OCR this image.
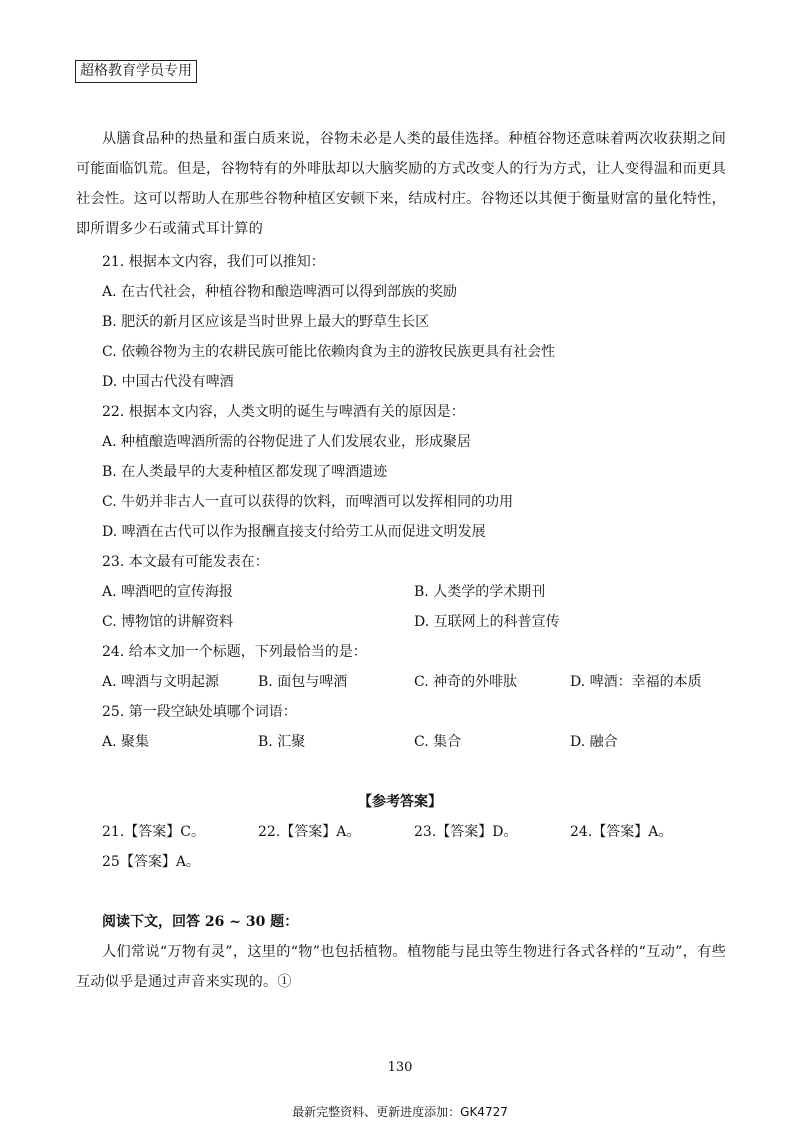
超格教育学员专用
从膳食品种的热量和蛋白质来说，谷物未必是人类的最佳选择。种植谷物还意味着两次收获期之间可能面临饥荒。但是，谷物特有的外啡肽却以大脑奖励的方式改变人的行为方式，让人变得温和而更具社会性。这可以帮助人在那些谷物种植区安顿下来，结成村庄。谷物还以其便于衡量财富的量化特性，即所谓多少石或蒲式耳计算的
21. 根据本文内容，我们可以推知：
A. 在古代社会，种植谷物和酿造啤酒可以得到部族的奖励
B. 肥沃的新月区应该是当时世界上最大的野草生长区
C. 依赖谷物为主的农耕民族可能比依赖肉食为主的游牧民族更具有社会性
D. 中国古代没有啤酒
22. 根据本文内容，人类文明的诞生与啤酒有关的原因是：
A. 种植酿造啤酒所需的谷物促进了人们发展农业，形成聚居
B. 在人类最早的大麦种植区都发现了啤酒遗迹
C. 牛奶并非古人一直可以获得的饮料，而啤酒可以发挥相同的功用
D. 啤酒在古代可以作为报酬直接支付给劳工从而促进文明发展
23. 本文最有可能发表在：
A. 啤酒吧的宣传海报	B. 人类学的学术期刊
C. 博物馆的讲解资料	D. 互联网上的科普宣传
24. 给本文加一个标题，下列最恰当的是：
A. 啤酒与文明起源	B. 面包与啤酒	C. 神奇的外啡肽	D. 啤酒：幸福的本质
25. 第一段空缺处填哪个词语：
A. 聚集	B. 汇聚	C. 集合	D. 融合
【参考答案】
21.【答案】C。	22.【答案】A。	23.【答案】D。	24.【答案】A。
25【答案】A。
阅读下文，回答 26 ~ 30 题：
人们常说“万物有灵”，这里的“物”也包括植物。植物能与昆虫等生物进行各式各样的“互动”，有些互动似乎是通过声音来实现的。①
130
最新完整资料、更新进度添加：GK4727
